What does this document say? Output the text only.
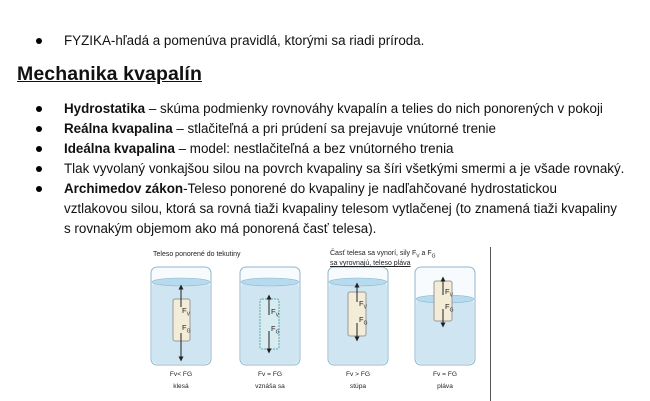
FYZIKA-hľadá a pomenúva pravidlá, ktorými sa riadi príroda.
Mechanika kvapalín
Hydrostatika – skúma podmienky rovnováhy kvapalín a telies do nich ponorených v pokoji
Reálna kvapalina – stlačiteľná a pri prúdení sa prejavuje vnútorné trenie
Ideálna kvapalina – model: nestlačiteľná a bez vnútorného trenia
Tlak vyvolaný vonkajšou silou na povrch kvapaliny sa šíri všetkými smermi a je všade rovnaký.
Archimedov zákon-Teleso ponorené do kvapaliny je nadľahčované hydrostatickou
vztlakovou silou, ktorá sa rovná tiaži kvapaliny telesom vytlačenej (to znamená tiaži kvapaliny
s rovnakým objemom ako má ponorená časť telesa).
Teleso ponorené do tekutiny	Časť telesa sa vynorí, sily $F_V$ a $F_G$
sa vyrovnajú, teleso pláva
$F_V$
$F_G$
$F_V$
$F_G$
$F_V$
$F_G$
$F_V$
$F_G$
Fv< FG
klesá
Fv = FG
vznáša sa
Fv > FG
stúpa
Fv = FG
pláva
